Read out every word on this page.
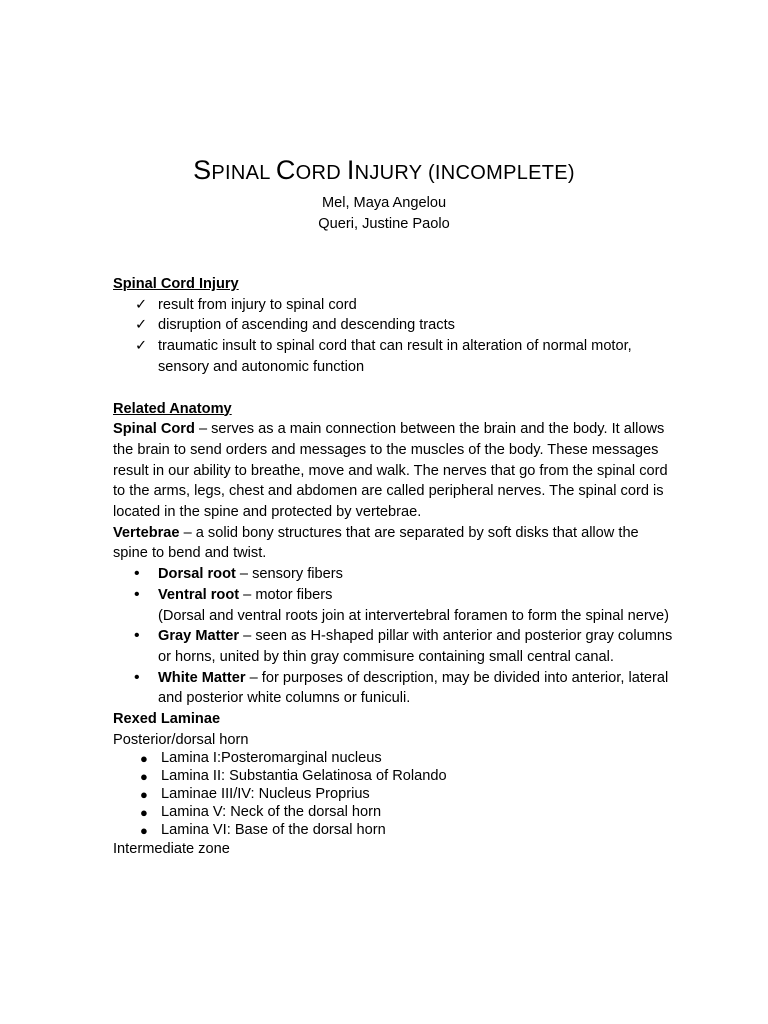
SPINAL CORD INJURY (INCOMPLETE)
Mel, Maya Angelou
Queri, Justine Paolo
Spinal Cord Injury
✓ result from injury to spinal cord
✓ disruption of ascending and descending tracts
✓ traumatic insult to spinal cord that can result in alteration of normal motor, sensory and autonomic function
Related Anatomy

Spinal Cord – serves as a main connection between the brain and the body. It allows the brain to send orders and messages to the muscles of the body. These messages result in our ability to breathe, move and walk. The nerves that go from the spinal cord to the arms, legs, chest and abdomen are called peripheral nerves. The spinal cord is located in the spine and protected by vertebrae.

Vertebrae – a solid bony structures that are separated by soft disks that allow the spine to bend and twist.

• Dorsal root – sensory fibers
• Ventral root – motor fibers
(Dorsal and ventral roots join at intervertebral foramen to form the spinal nerve)
• Gray Matter – seen as H-shaped pillar with anterior and posterior gray columns or horns, united by thin gray commisure containing small central canal.
• White Matter – for purposes of description, may be divided into anterior, lateral and posterior white columns or funiculi.
Rexed Laminae
Posterior/dorsal horn
● Lamina I:Posteromarginal nucleus
● Lamina II: Substantia Gelatinosa of Rolando
● Laminae III/IV: Nucleus Proprius
● Lamina V: Neck of the dorsal horn
● Lamina VI: Base of the dorsal horn
Intermediate zone
